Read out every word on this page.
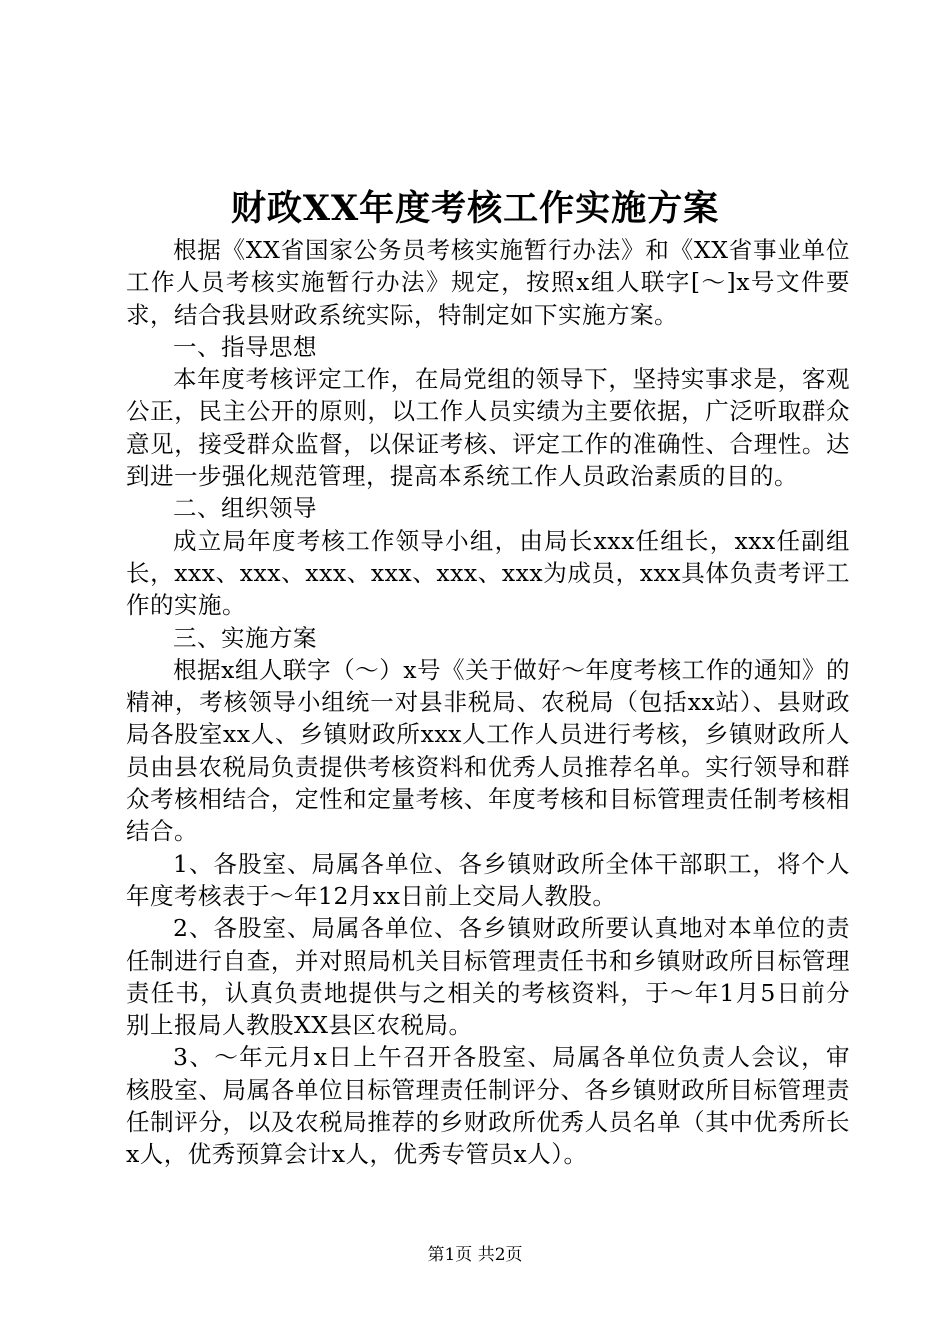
财政XX年度考核工作实施方案

根据《XX省国家公务员考核实施暂行办法》和《XX省事业单位工作人员考核实施暂行办法》规定，按照x组人联字[～]x号文件要求，结合我县财政系统实际，特制定如下实施方案。

一、指导思想

本年度考核评定工作，在局党组的领导下，坚持实事求是，客观公正，民主公开的原则，以工作人员实绩为主要依据，广泛听取群众意见，接受群众监督，以保证考核、评定工作的准确性、合理性。达到进一步强化规范管理，提高本系统工作人员政治素质的目的。

二、组织领导

成立局年度考核工作领导小组，由局长xxx任组长，xxx任副组长，xxx、xxx、xxx、xxx、xxx、xxx为成员，xxx具体负责考评工作的实施。

三、实施方案

根据x组人联字（～）x号《关于做好～年度考核工作的通知》的精神，考核领导小组统一对县非税局、农税局（包括xx站）、县财政局各股室xx人、乡镇财政所xxx人工作人员进行考核，乡镇财政所人员由县农税局负责提供考核资料和优秀人员推荐名单。实行领导和群众考核相结合，定性和定量考核、年度考核和目标管理责任制考核相结合。

1、各股室、局属各单位、各乡镇财政所全体干部职工，将个人年度考核表于～年12月xx日前上交局人教股。

2、各股室、局属各单位、各乡镇财政所要认真地对本单位的责任制进行自查，并对照局机关目标管理责任书和乡镇财政所目标管理责任书，认真负责地提供与之相关的考核资料，于～年1月5日前分别上报局人教股XX县区农税局。

3、～年元月x日上午召开各股室、局属各单位负责人会议，审核股室、局属各单位目标管理责任制评分、各乡镇财政所目标管理责任制评分，以及农税局推荐的乡财政所优秀人员名单（其中优秀所长x人，优秀预算会计x人，优秀专管员x人）。

第1页 共2页
